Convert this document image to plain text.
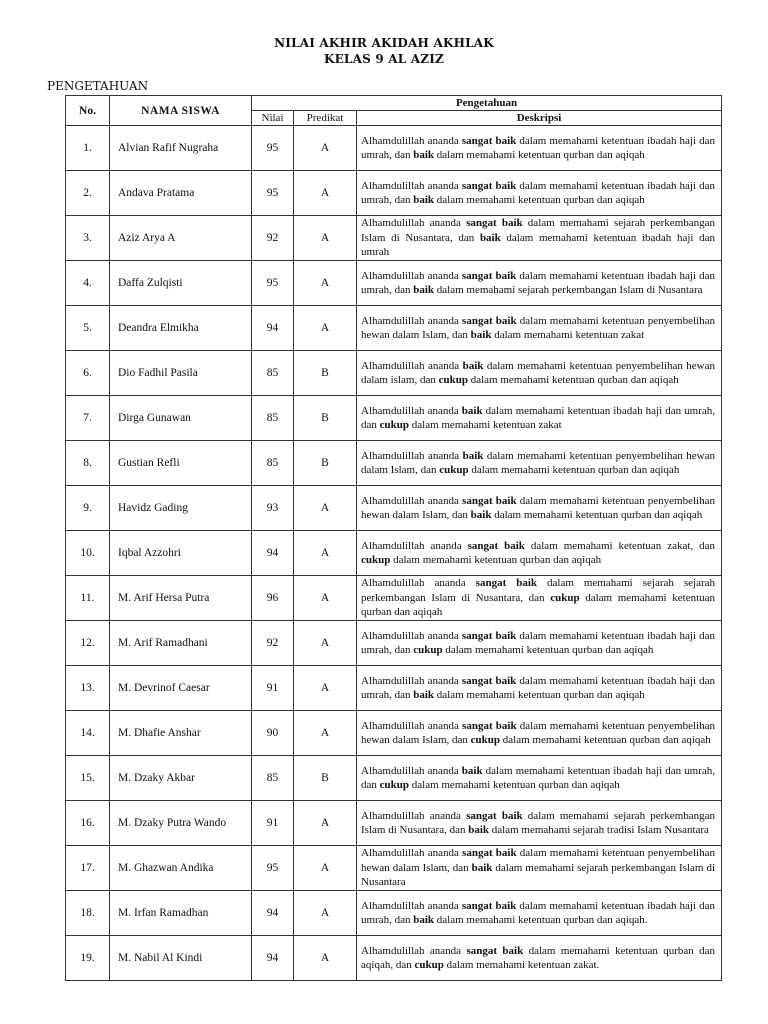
NILAI AKHIR AKIDAH AKHLAK
KELAS 9 AL AZIZ
PENGETAHUAN
No.	NAMA SISWA	Pengetahuan		
		Nilai	Predikat	Deskripsi
1.	Alvian Rafif Nugraha	95	A	Alhamdulillah ananda sangat baik dalam memahami ketentuan ibadah haji dan umrah, dan baik dalam memahami ketentuan qurban dan aqiqah
2.	Andava Pratama	95	A	Alhamdulillah ananda sangat baik dalam memahami ketentuan ibadah haji dan umrah, dan baik dalam memahami ketentuan qurban dan aqiqah
3.	Aziz Arya A	92	A	Alhamdulillah ananda sangat baik dalam memahami sejarah perkembangan Islam di Nusantara, dan baik dalam memahami ketentuan ibadah haji dan umrah
4.	Daffa Zulqisti	95	A	Alhamdulillah ananda sangat baik dalam memahami ketentuan ibadah haji dan umrah, dan baik dalam memahami sejarah perkembangan Islam di Nusantara
5.	Deandra Elmikha	94	A	Alhamdulillah ananda sangat baik dalam memahami ketentuan penyembelihan hewan dalam Islam, dan baik dalam memahami ketentuan zakat
6.	Dio Fadhil Pasila	85	B	Alhamdulillah ananda baik dalam memahami ketentuan penyembelihan hewan dalam islam, dan cukup dalam memahami ketentuan qurban dan aqiqah
7.	Dirga Gunawan	85	B	Alhamdulillah ananda baik dalam memahami ketentuan ibadah haji dan umrah, dan cukup dalam memahami ketentuan zakat
8.	Gustian Refli	85	B	Alhamdulillah ananda baik dalam memahami ketentuan penyembelihan hewan dalam Islam, dan cukup dalam memahami ketentuan qurban dan aqiqah
9.	Havidz Gading	93	A	Alhamdulillah ananda sangat baik dalam memahami ketentuan penyembelihan hewan dalam Islam, dan baik dalam memahami ketentuan qurban dan aqiqah
10.	Iqbal Azzohri	94	A	Alhamdulillah ananda sangat baik dalam memahami ketentuan zakat, dan cukup dalam memahami ketentuan qurban dan aqiqah
11.	M. Arif Hersa Putra	96	A	Alhamdulillah ananda sangat baik dalam memahami sejarah sejarah perkembangan Islam di Nusantara, dan cukup dalam memahami ketentuan qurban dan aqiqah
12.	M. Arif Ramadhani	92	A	Alhamdulillah ananda sangat baik dalam memahami ketentuan ibadah haji dan umrah, dan cukup dalam memahami ketentuan qurban dan aqiqah
13.	M. Devrinof Caesar	91	A	Alhamdulillah ananda sangat baik dalam memahami ketentuan ibadah haji dan umrah, dan baik dalam memahami ketentuan qurban dan aqiqah
14.	M. Dhafie Anshar	90	A	Alhamdulillah ananda sangat baik dalam memahami ketentuan penyembelihan hewan dalam Islam, dan cukup dalam memahami ketentuan qurban dan aqiqah
15.	M. Dzaky Akbar	85	B	Alhamdulillah ananda baik dalam memahami ketentuan ibadah haji dan umrah, dan cukup dalam memahami ketentuan qurban dan aqiqah
16.	M. Dzaky Putra Wando	91	A	Alhamdulillah ananda sangat baik dalam memahami sejarah perkembangan Islam di Nusantara, dan baik dalam memahami sejarah tradisi Islam Nusantara
17.	M. Ghazwan Andika	95	A	Alhamdulillah ananda sangat baik dalam memahami ketentuan penyembelihan hewan dalam Islam, dan baik dalam memahami sejarah perkembangan Islam di Nusantara
18.	M. Irfan Ramadhan	94	A	Alhamdulillah ananda sangat baik dalam memahami ketentuan ibadah haji dan umrah, dan baik dalam memahami ketentuan qurban dan aqiqah.
19.	M. Nabil Al Kindi	94	A	Alhamdulillah ananda sangat baik dalam memahami ketentuan qurban dan aqiqah, dan cukup dalam memahami ketentuan zakat.
